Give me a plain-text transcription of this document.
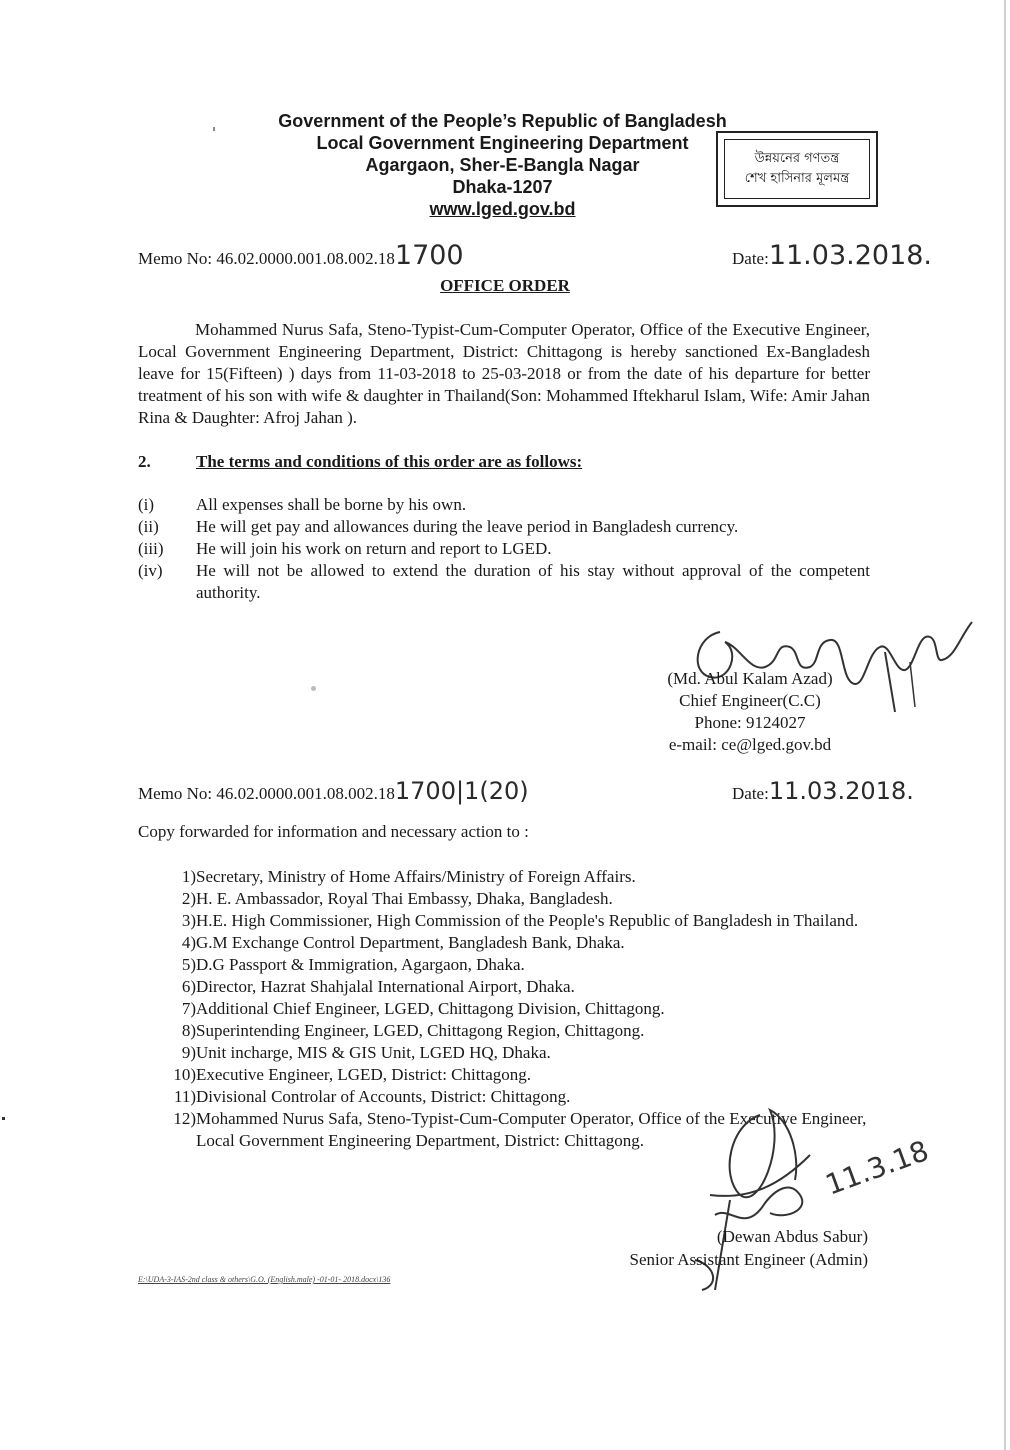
Government of the People’s Republic of Bangladesh
Local Government Engineering Department
Agargaon, Sher-E-Bangla Nagar
Dhaka-1207
www.lged.gov.bd
উন্নয়নের গণতন্ত্র
শেখ হাসিনার মূলমন্ত্র
Memo No: 46.02.0000.001.08.002.181700	Date:11.03.2018.
OFFICE ORDER

Mohammed Nurus Safa, Steno-Typist-Cum-Computer Operator, Office of the Executive Engineer, Local Government Engineering Department, District: Chittagong is hereby sanctioned Ex-Bangladesh leave for 15(Fifteen) ) days from 11-03-2018 to 25-03-2018 or from the date of his departure for better treatment of his son with wife & daughter in Thailand(Son: Mohammed Iftekharul Islam, Wife: Amir Jahan Rina & Daughter: Afroj Jahan ).

2.	The terms and conditions of this order are as follows:
(i)	All expenses shall be borne by his own.
(ii)	He will get pay and allowances during the leave period in Bangladesh currency.
(iii)	He will join his work on return and report to LGED.
(iv)	He will not be allowed to extend the duration of his stay without approval of the competent authority.
(Md. Abul Kalam Azad)
Chief Engineer(C.C)
Phone: 9124027
e-mail: ce@lged.gov.bd
Memo No: 46.02.0000.001.08.002.181700|1(20)	Date:11.03.2018.
Copy forwarded for information and necessary action to :
1) Secretary, Ministry of Home Affairs/Ministry of Foreign Affairs.
2) H. E. Ambassador, Royal Thai Embassy, Dhaka, Bangladesh.
3) H.E. High Commissioner, High Commission of the People's Republic of Bangladesh in Thailand.
4) G.M Exchange Control Department, Bangladesh Bank, Dhaka.
5) D.G Passport & Immigration, Agargaon, Dhaka.
6) Director, Hazrat Shahjalal International Airport, Dhaka.
7) Additional Chief Engineer, LGED, Chittagong Division, Chittagong.
8) Superintending Engineer, LGED, Chittagong Region, Chittagong.
9) Unit incharge, MIS & GIS Unit, LGED HQ, Dhaka.
10) Executive Engineer, LGED, District: Chittagong.
11) Divisional Controlar of Accounts, District: Chittagong.
12) Mohammed Nurus Safa, Steno-Typist-Cum-Computer Operator, Office of the Executive Engineer, Local Government Engineering Department, District: Chittagong.	11.3.18
(Dewan Abdus Sabur)
Senior Assistant Engineer (Admin)
E:\UDA-3-IAS-2nd class & others\G.O. (English.male) -01-01- 2018.docx\136
